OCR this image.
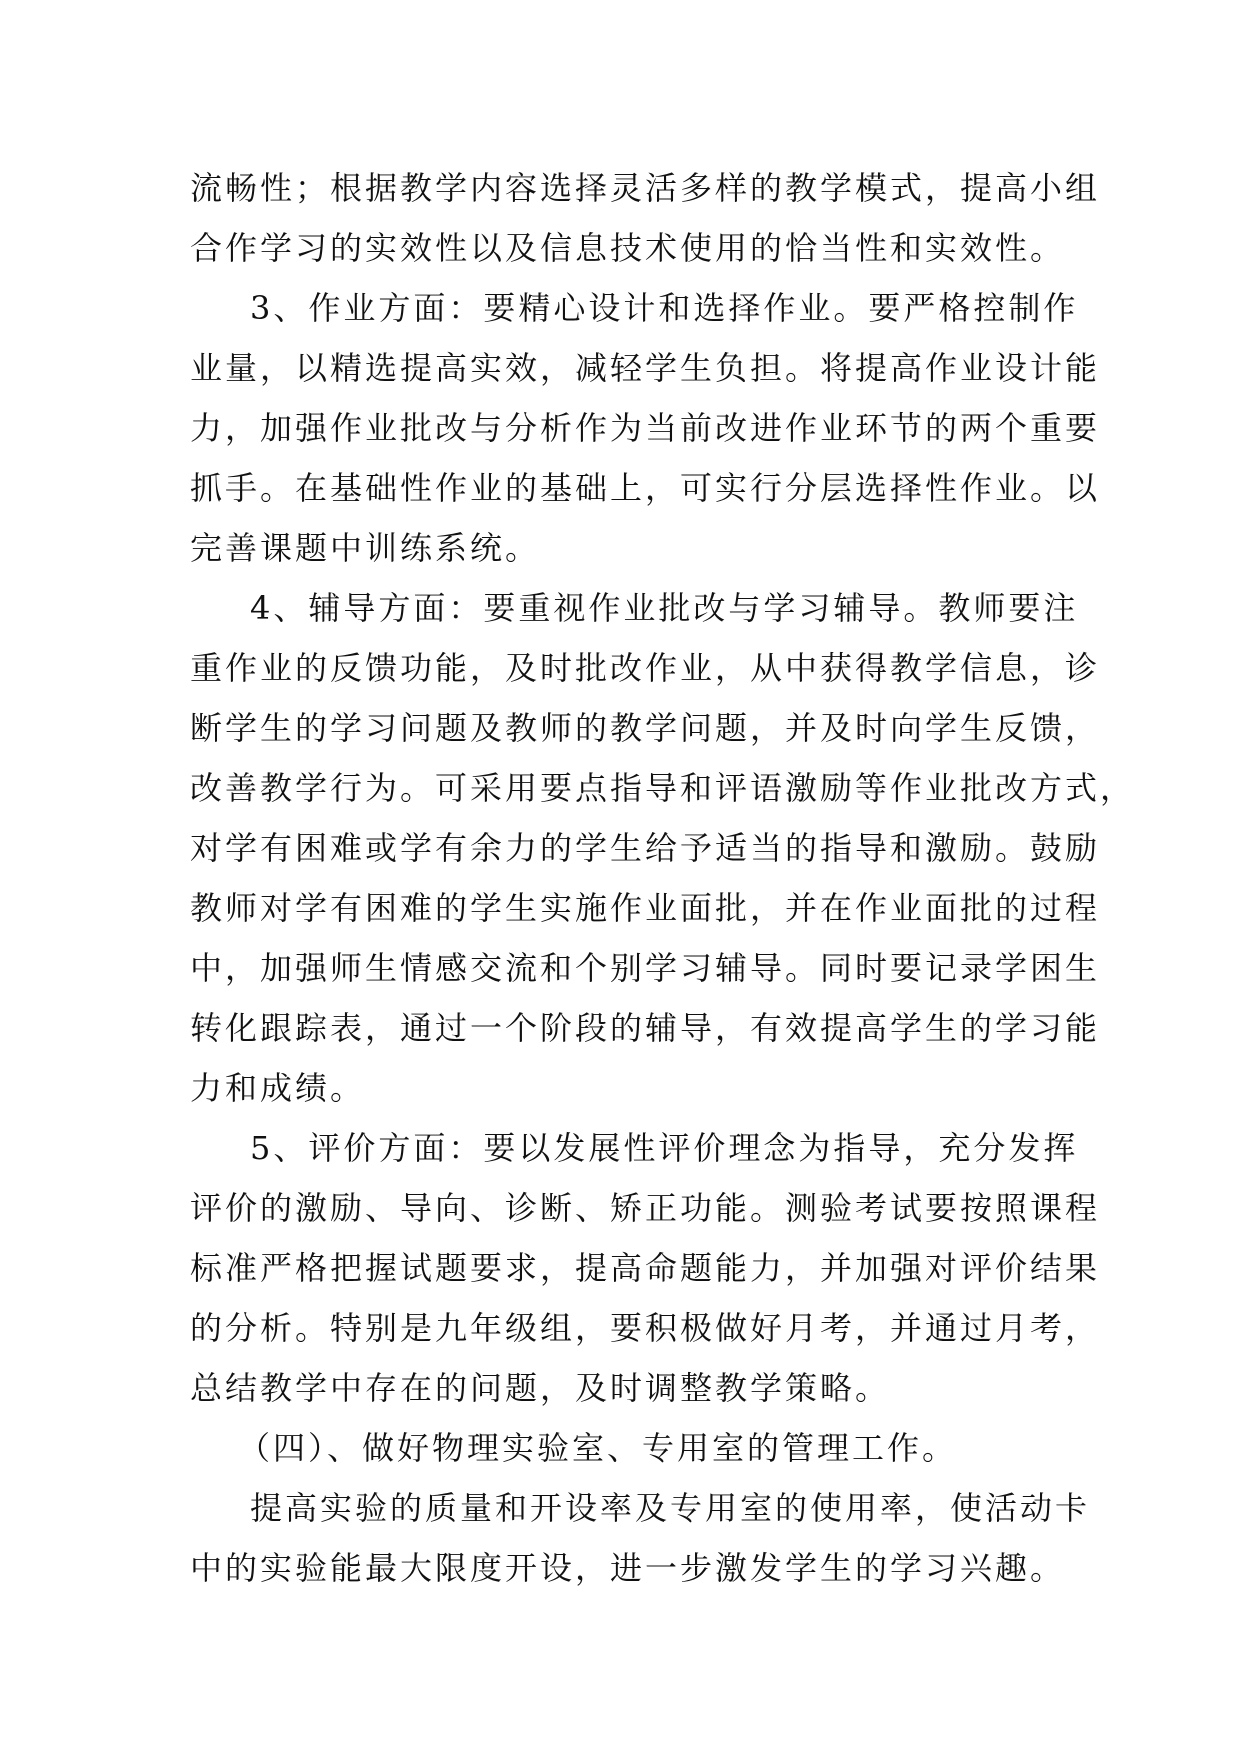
流畅性；根据教学内容选择灵活多样的教学模式，提高小组
合作学习的实效性以及信息技术使用的恰当性和实效性。
3、作业方面：要精心设计和选择作业。要严格控制作
业量，以精选提高实效，减轻学生负担。将提高作业设计能
力，加强作业批改与分析作为当前改进作业环节的两个重要
抓手。在基础性作业的基础上，可实行分层选择性作业。以
完善课题中训练系统。
4、辅导方面：要重视作业批改与学习辅导。教师要注
重作业的反馈功能，及时批改作业，从中获得教学信息，诊
断学生的学习问题及教师的教学问题，并及时向学生反馈，
改善教学行为。可采用要点指导和评语激励等作业批改方式，
对学有困难或学有余力的学生给予适当的指导和激励。鼓励
教师对学有困难的学生实施作业面批，并在作业面批的过程
中，加强师生情感交流和个别学习辅导。同时要记录学困生
转化跟踪表，通过一个阶段的辅导，有效提高学生的学习能
力和成绩。
5、评价方面：要以发展性评价理念为指导，充分发挥
评价的激励、导向、诊断、矫正功能。测验考试要按照课程
标准严格把握试题要求，提高命题能力，并加强对评价结果
的分析。特别是九年级组，要积极做好月考，并通过月考，
总结教学中存在的问题，及时调整教学策略。
（四）、做好物理实验室、专用室的管理工作。
提高实验的质量和开设率及专用室的使用率，使活动卡
中的实验能最大限度开设，进一步激发学生的学习兴趣。
